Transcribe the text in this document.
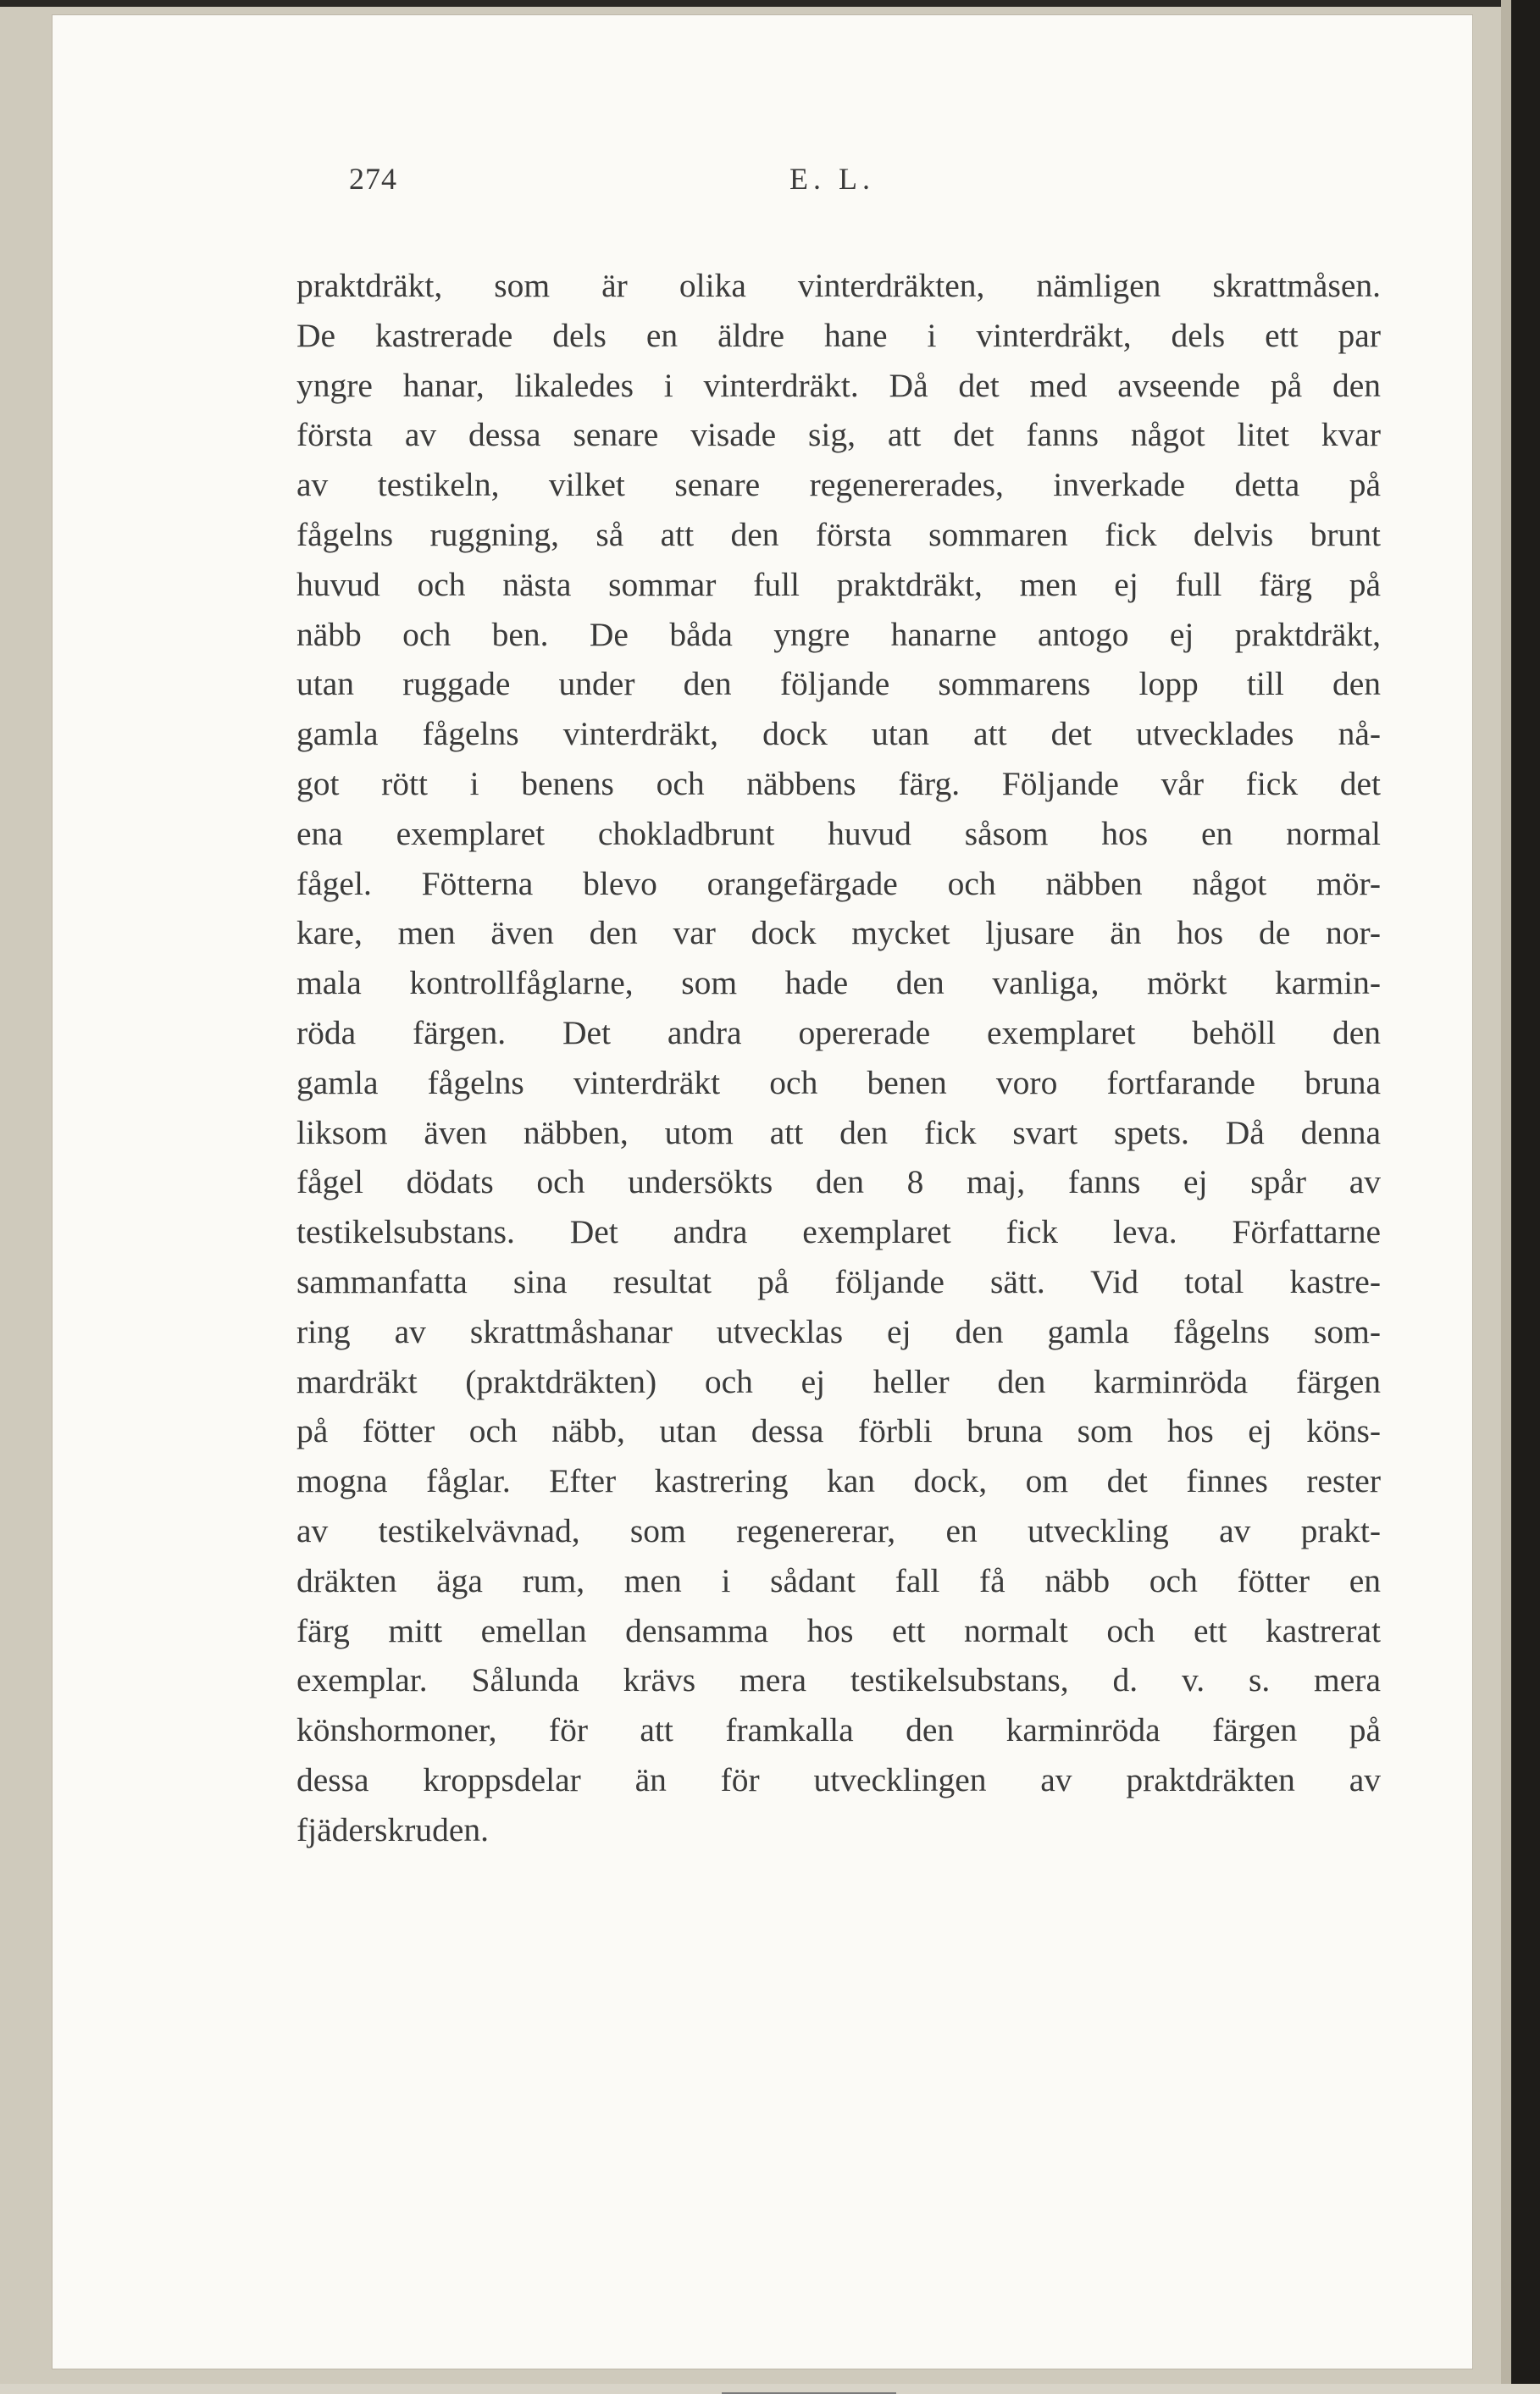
274	E. L.
praktdräkt, som är olika vinterdräkten, nämligen skrattmåsen.
De kastrerade dels en äldre hane i vinterdräkt, dels ett par
yngre hanar, likaledes i vinterdräkt. Då det med avseende på den
första av dessa senare visade sig, att det fanns något litet kvar
av testikeln, vilket senare regenererades, inverkade detta på
fågelns ruggning, så att den första sommaren fick delvis brunt
huvud och nästa sommar full praktdräkt, men ej full färg på
näbb och ben. De båda yngre hanarne antogo ej praktdräkt,
utan ruggade under den följande sommarens lopp till den
gamla fågelns vinterdräkt, dock utan att det utvecklades nå-
got rött i benens och näbbens färg. Följande vår fick det
ena exemplaret chokladbrunt huvud såsom hos en normal
fågel. Fötterna blevo orangefärgade och näbben något mör-
kare, men även den var dock mycket ljusare än hos de nor-
mala kontrollfåglarne, som hade den vanliga, mörkt karmin-
röda färgen. Det andra opererade exemplaret behöll den
gamla fågelns vinterdräkt och benen voro fortfarande bruna
liksom även näbben, utom att den fick svart spets. Då denna
fågel dödats och undersökts den 8 maj, fanns ej spår av
testikelsubstans. Det andra exemplaret fick leva. Författarne
sammanfatta sina resultat på följande sätt. Vid total kastre-
ring av skrattmåshanar utvecklas ej den gamla fågelns som-
mardräkt (praktdräkten) och ej heller den karminröda färgen
på fötter och näbb, utan dessa förbli bruna som hos ej köns-
mogna fåglar. Efter kastrering kan dock, om det finnes rester
av testikelvävnad, som regenererar, en utveckling av prakt-
dräkten äga rum, men i sådant fall få näbb och fötter en
färg mitt emellan densamma hos ett normalt och ett kastrerat
exemplar. Sålunda krävs mera testikelsubstans, d. v. s. mera
könshormoner, för att framkalla den karminröda färgen på
dessa kroppsdelar än för utvecklingen av praktdräkten av
fjäderskruden.
